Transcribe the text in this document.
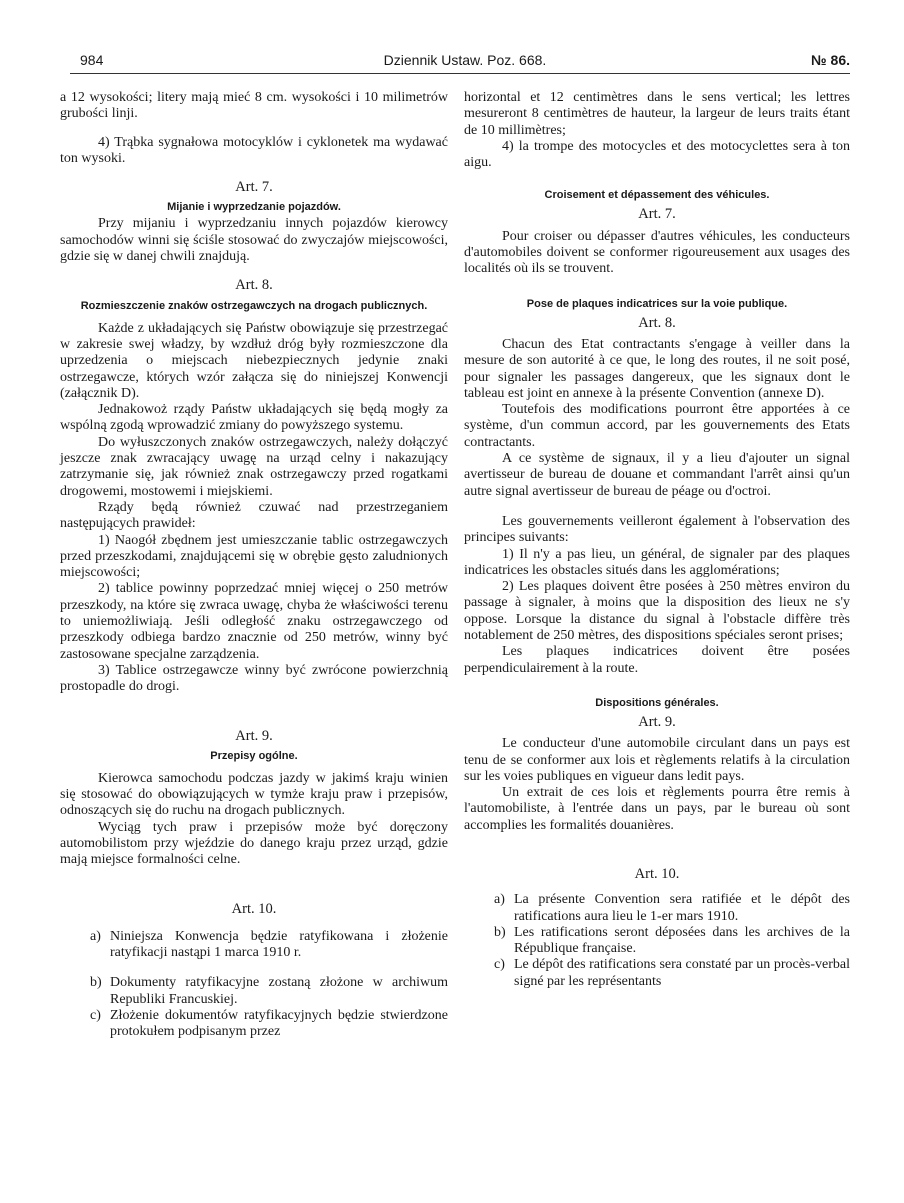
984	Dziennik Ustaw. Poz. 668.	№ 86.

a 12 wysokości; litery mają mieć 8 cm. wysokości i 10 milimetrów grubości linji.

4) Trąbka sygnałowa motocyklów i cyklonetek ma wydawać ton wysoki.

Art. 7.
Mijanie i wyprzedzanie pojazdów.

Przy mijaniu i wyprzedzaniu innych pojazdów kierowcy samochodów winni się ściśle stosować do zwyczajów miejscowości, gdzie się w danej chwili znajdują.

Art. 8.
Rozmieszczenie znaków ostrzegawczych na drogach publicznych.

Każde z układających się Państw obowiązuje się przestrzegać w zakresie swej władzy, by wzdłuż dróg były rozmieszczone dla uprzedzenia o miejscach niebezpiecznych jedynie znaki ostrzegawcze, których wzór załącza się do niniejszej Konwencji (załącznik D).

Jednakowoż rządy Państw układających się będą mogły za wspólną zgodą wprowadzić zmiany do powyższego systemu.

Do wyłuszczonych znaków ostrzegawczych, należy dołączyć jeszcze znak zwracający uwagę na urząd celny i nakazujący zatrzymanie się, jak również znak ostrzegawczy przed rogatkami drogowemi, mostowemi i miejskiemi.

Rządy będą również czuwać nad przestrzeganiem następujących prawideł:

1) Naogół zbędnem jest umieszczanie tablic ostrzegawczych przed przeszkodami, znajdującemi się w obrębie gęsto zaludnionych miejscowości;

2) tablice powinny poprzedzać mniej więcej o 250 metrów przeszkody, na które się zwraca uwagę, chyba że właściwości terenu to uniemożliwiają. Jeśli odległość znaku ostrzegawczego od przeszkody odbiega bardzo znacznie od 250 metrów, winny być zastosowane specjalne zarządzenia.

3) Tablice ostrzegawcze winny być zwrócone powierzchnią prostopadle do drogi.

Art. 9.
Przepisy ogólne.

Kierowca samochodu podczas jazdy w jakimś kraju winien się stosować do obowiązujących w tymże kraju praw i przepisów, odnoszących się do ruchu na drogach publicznych.

Wyciąg tych praw i przepisów może być doręczony automobilistom przy wjeździe do danego kraju przez urząd, gdzie mają miejsce formalności celne.

Art. 10.
a) Niniejsza Konwencja będzie ratyfikowana i złożenie ratyfikacji nastąpi 1 marca 1910 r.
b) Dokumenty ratyfikacyjne zostaną złożone w archiwum Republiki Francuskiej.
c) Złożenie dokumentów ratyfikacyjnych będzie stwierdzone protokułem podpisanym przez

horizontal et 12 centimètres dans le sens vertical; les lettres mesureront 8 centimètres de hauteur, la largeur de leurs traits étant de 10 millimètres;

4) la trompe des motocycles et des motocyclettes sera à ton aigu.

Croisement et dépassement des véhicules.
Art. 7.

Pour croiser ou dépasser d'autres véhicules, les conducteurs d'automobiles doivent se conformer rigoureusement aux usages des localités où ils se trouvent.

Pose de plaques indicatrices sur la voie publique.
Art. 8.

Chacun des Etat contractants s'engage à veiller dans la mesure de son autorité à ce que, le long des routes, il ne soit posé, pour signaler les passages dangereux, que les signaux dont le tableau est joint en annexe à la présente Convention (annexe D).

Toutefois des modifications pourront être apportées à ce système, d'un commun accord, par les gouvernements des Etats contractants.

A ce système de signaux, il y a lieu d'ajouter un signal avertisseur de bureau de douane et commandant l'arrêt ainsi qu'un autre signal avertisseur de bureau de péage ou d'octroi.

Les gouvernements veilleront également à l'observation des principes suivants:

1) Il n'y a pas lieu, un général, de signaler par des plaques indicatrices les obstacles situés dans les agglomérations;

2) Les plaques doivent être posées à 250 mètres environ du passage à signaler, à moins que la disposition des lieux ne s'y oppose. Lorsque la distance du signal à l'obstacle diffère très notablement de 250 mètres, des dispositions spéciales seront prises;

Les plaques indicatrices doivent être posées perpendiculairement à la route.

Dispositions générales.
Art. 9.

Le conducteur d'une automobile circulant dans un pays est tenu de se conformer aux lois et règlements relatifs à la circulation sur les voies publiques en vigueur dans ledit pays.

Un extrait de ces lois et règlements pourra être remis à l'automobiliste, à l'entrée dans un pays, par le bureau où sont accomplies les formalités douanières.

Art. 10.
a) La présente Convention sera ratifiée et le dépôt des ratifications aura lieu le 1-er mars 1910.
b) Les ratifications seront déposées dans les archives de la République française.
c) Le dépôt des ratifications sera constaté par un procès-verbal signé par les représentants
